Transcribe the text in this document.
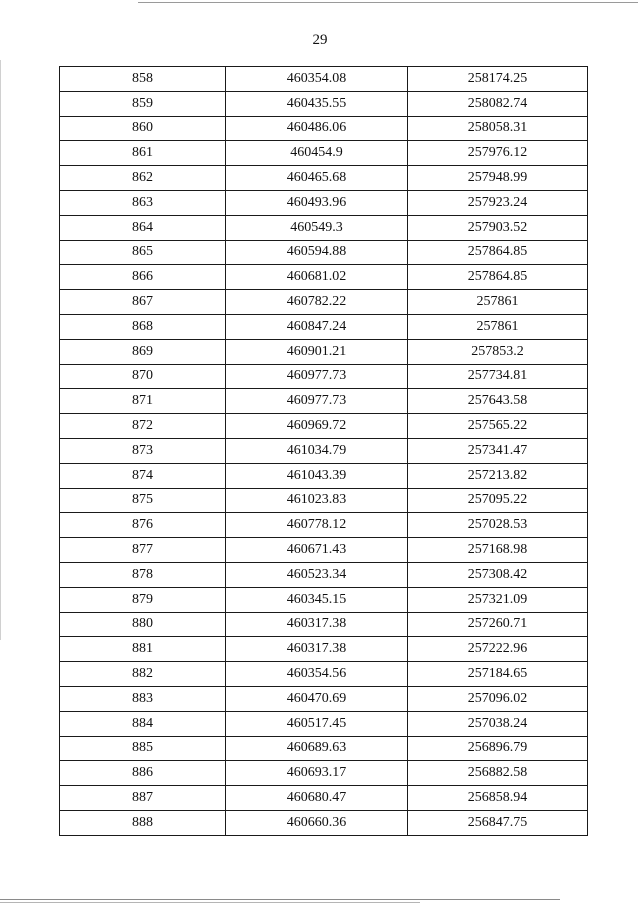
29
858	460354.08	258174.25
859	460435.55	258082.74
860	460486.06	258058.31
861	460454.9	257976.12
862	460465.68	257948.99
863	460493.96	257923.24
864	460549.3	257903.52
865	460594.88	257864.85
866	460681.02	257864.85
867	460782.22	257861
868	460847.24	257861
869	460901.21	257853.2
870	460977.73	257734.81
871	460977.73	257643.58
872	460969.72	257565.22
873	461034.79	257341.47
874	461043.39	257213.82
875	461023.83	257095.22
876	460778.12	257028.53
877	460671.43	257168.98
878	460523.34	257308.42
879	460345.15	257321.09
880	460317.38	257260.71
881	460317.38	257222.96
882	460354.56	257184.65
883	460470.69	257096.02
884	460517.45	257038.24
885	460689.63	256896.79
886	460693.17	256882.58
887	460680.47	256858.94
888	460660.36	256847.75
